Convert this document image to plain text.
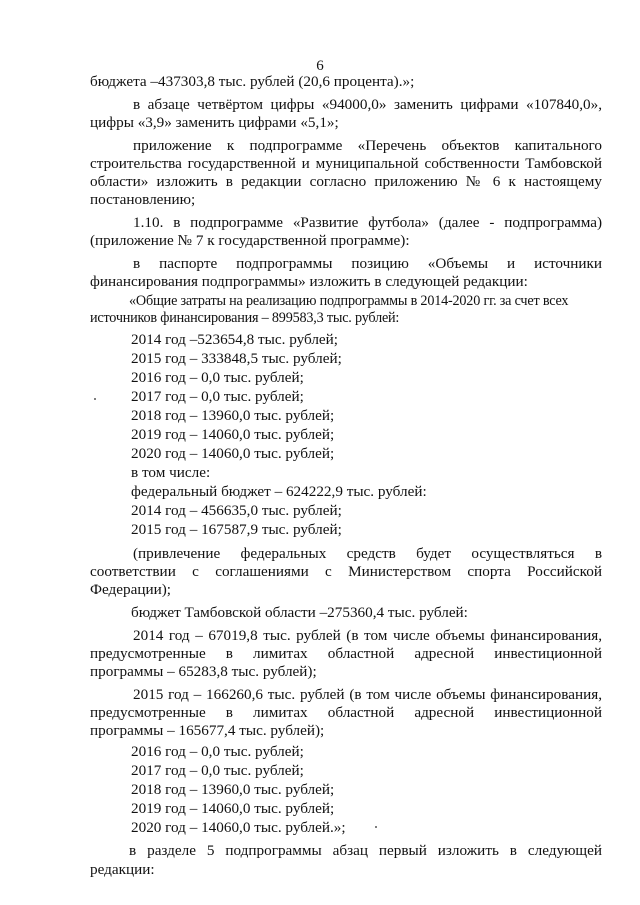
6
бюджета –437303,8 тыс. рублей (20,6 процента).»;
в абзаце четвёртом цифры «94000,0» заменить цифрами «107840,0»,
цифры «3,9» заменить цифрами «5,1»;
приложение к подпрограмме «Перечень объектов капитального
строительства государственной и муниципальной собственности Тамбовской
области» изложить в редакции согласно приложению № 6 к настоящему
постановлению;
1.10. в подпрограмме «Развитие футбола» (далее - подпрограмма)
(приложение № 7 к государственной программе):
в паспорте подпрограммы позицию «Объемы и источники
финансирования подпрограммы» изложить в следующей редакции:
«Общие затраты на реализацию подпрограммы в 2014-2020 гг. за счет всех
источников финансирования – 899583,3 тыс. рублей:
2014 год –523654,8 тыс. рублей;
2015 год – 333848,5 тыс. рублей;
2016 год – 0,0 тыс. рублей;
2017 год – 0,0 тыс. рублей;
2018 год – 13960,0 тыс. рублей;
2019 год – 14060,0 тыс. рублей;
2020 год – 14060,0 тыс. рублей;
в том числе:
федеральный бюджет – 624222,9 тыс. рублей:
2014 год – 456635,0 тыс. рублей;
2015 год – 167587,9 тыс. рублей;
(привлечение федеральных средств будет осуществляться в
соответствии с соглашениями с Министерством спорта Российской
Федерации);
бюджет Тамбовской области –275360,4 тыс. рублей:
2014 год – 67019,8 тыс. рублей (в том числе объемы финансирования,
предусмотренные в лимитах областной адресной инвестиционной
программы – 65283,8 тыс. рублей);
2015 год – 166260,6 тыс. рублей (в том числе объемы финансирования,
предусмотренные в лимитах областной адресной инвестиционной
программы – 165677,4 тыс. рублей);
2016 год – 0,0 тыс. рублей;
2017 год – 0,0 тыс. рублей;
2018 год – 13960,0 тыс. рублей;
2019 год – 14060,0 тыс. рублей;
2020 год – 14060,0 тыс. рублей.»;
в разделе 5 подпрограммы абзац первый изложить в следующей
редакции:
